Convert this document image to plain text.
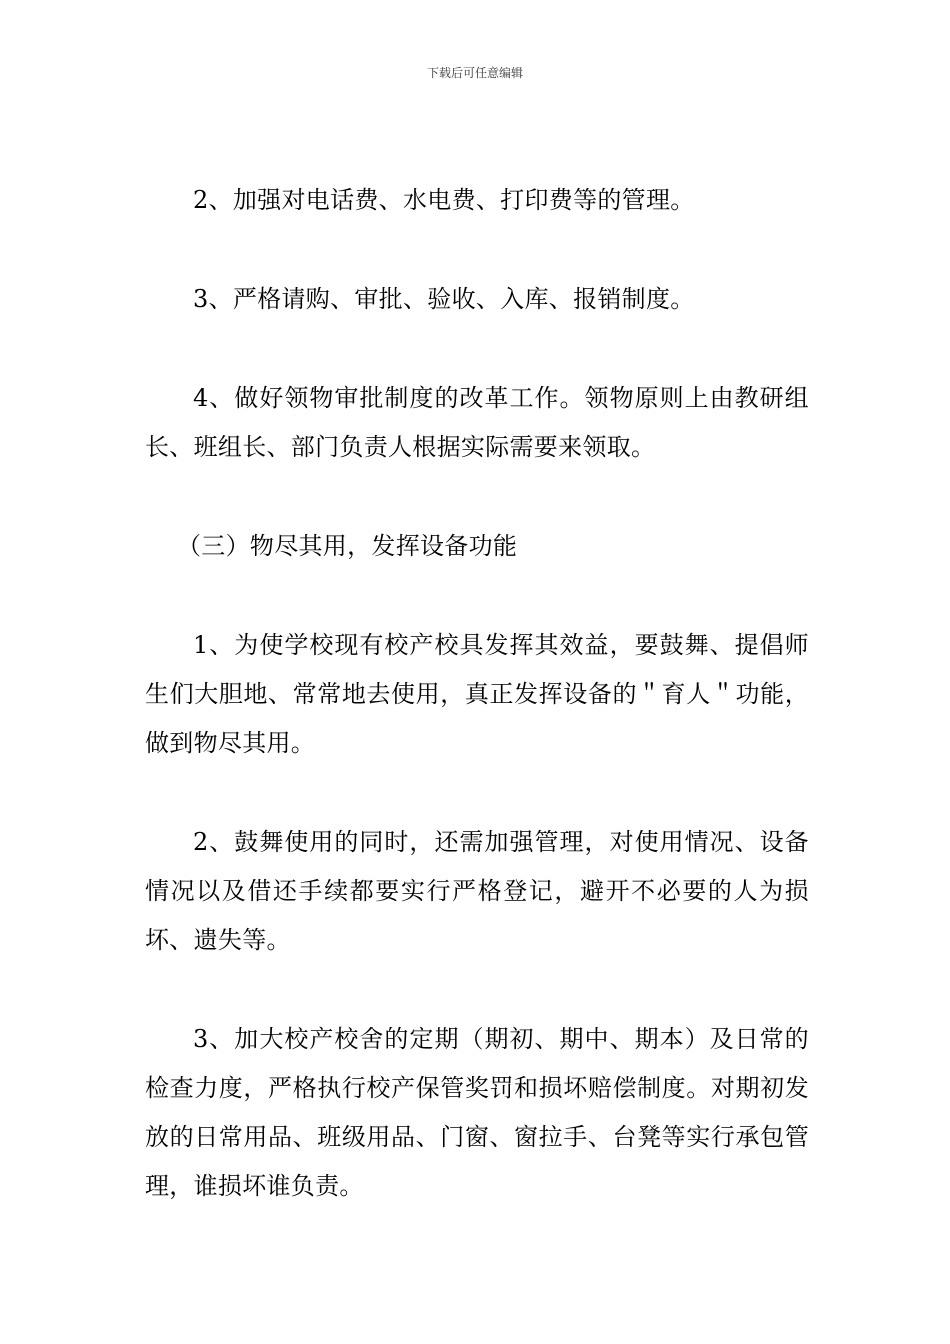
下载后可任意编辑

2、加强对电话费、水电费、打印费等的管理。

3、严格请购、审批、验收、入库、报销制度。

4、做好领物审批制度的改革工作。领物原则上由教研组长、班组长、部门负责人根据实际需要来领取。

（三）物尽其用，发挥设备功能

1、为使学校现有校产校具发挥其效益，要鼓舞、提倡师生们大胆地、常常地去使用，真正发挥设备的＂育人＂功能，做到物尽其用。

2、鼓舞使用的同时，还需加强管理，对使用情况、设备情况以及借还手续都要实行严格登记，避开不必要的人为损坏、遗失等。

3、加大校产校舍的定期（期初、期中、期本）及日常的检查力度，严格执行校产保管奖罚和损坏赔偿制度。对期初发放的日常用品、班级用品、门窗、窗拉手、台凳等实行承包管理，谁损坏谁负责。
